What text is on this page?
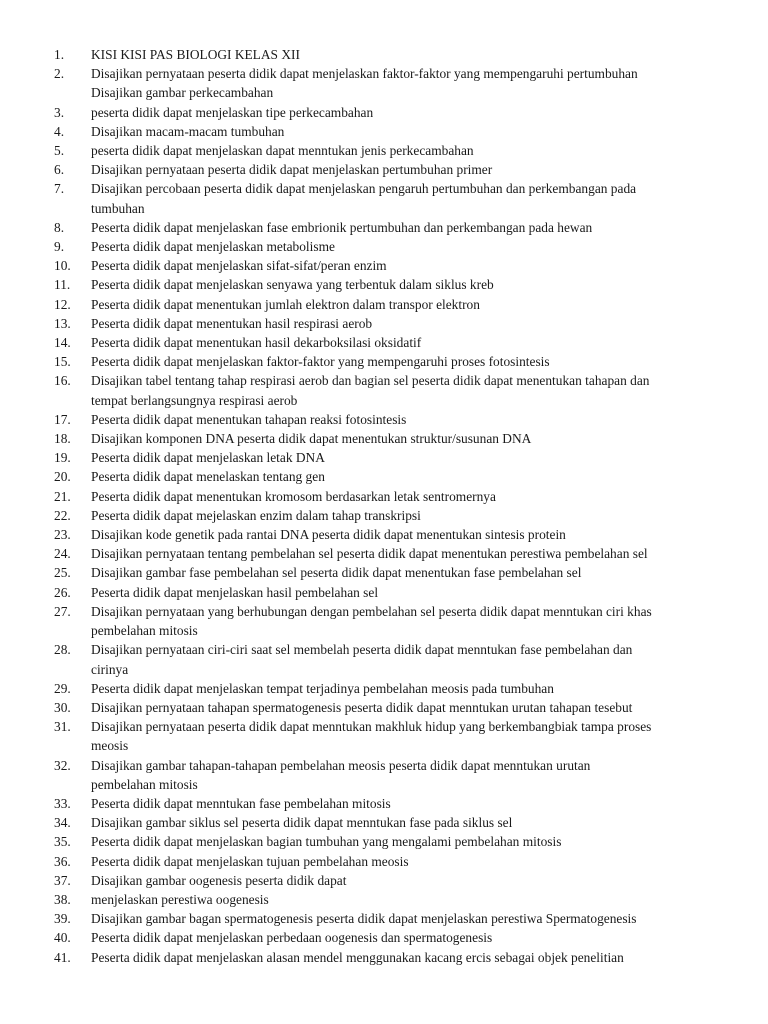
1.	KISI KISI PAS BIOLOGI KELAS XII
2.	Disajikan pernyataan peserta didik dapat menjelaskan faktor-faktor yang mempengaruhi pertumbuhan
Disajikan gambar perkecambahan
3.	peserta didik dapat menjelaskan tipe perkecambahan
4.	Disajikan macam-macam tumbuhan
5.	peserta didik dapat menjelaskan dapat menntukan jenis perkecambahan
6.	Disajikan pernyataan peserta didik dapat menjelaskan pertumbuhan primer
7.	Disajikan percobaan peserta didik dapat menjelaskan pengaruh pertumbuhan dan perkembangan pada
tumbuhan
8.	Peserta didik dapat menjelaskan fase embrionik pertumbuhan dan perkembangan pada hewan
9.	Peserta didik dapat menjelaskan metabolisme
10.	Peserta didik dapat menjelaskan sifat-sifat/peran enzim
11.	Peserta didik dapat menjelaskan senyawa yang terbentuk dalam siklus kreb
12.	Peserta didik dapat menentukan jumlah elektron dalam transpor elektron
13.	Peserta didik dapat menentukan hasil respirasi aerob
14.	Peserta didik dapat menentukan hasil dekarboksilasi oksidatif
15.	Peserta didik dapat menjelaskan faktor-faktor yang mempengaruhi proses fotosintesis
16.	Disajikan tabel tentang tahap respirasi aerob dan bagian sel peserta didik dapat menentukan tahapan dan
tempat berlangsungnya respirasi aerob
17.	Peserta didik dapat menentukan tahapan reaksi fotosintesis
18.	Disajikan komponen DNA peserta didik dapat menentukan struktur/susunan DNA
19.	Peserta didik dapat menjelaskan letak DNA
20.	Peserta didik dapat menelaskan tentang gen
21.	Peserta didik dapat menentukan kromosom berdasarkan letak sentromernya
22.	Peserta didik dapat mejelaskan enzim dalam tahap transkripsi
23.	Disajikan kode genetik pada rantai DNA peserta didik dapat menentukan sintesis protein
24.	Disajikan pernyataan tentang pembelahan sel peserta didik dapat menentukan perestiwa pembelahan sel
25.	Disajikan gambar fase pembelahan sel peserta didik dapat menentukan fase pembelahan sel
26.	Peserta didik dapat menjelaskan hasil pembelahan sel
27.	Disajikan pernyataan yang berhubungan dengan pembelahan sel peserta didik dapat menntukan ciri khas
pembelahan mitosis
28.	Disajikan pernyataan ciri-ciri saat sel membelah peserta didik dapat menntukan fase pembelahan dan
cirinya
29.	Peserta didik dapat menjelaskan tempat terjadinya pembelahan meosis pada tumbuhan
30.	Disajikan pernyataan tahapan spermatogenesis peserta didik dapat menntukan urutan tahapan tesebut
31.	Disajikan pernyataan peserta didik dapat menntukan makhluk hidup yang berkembangbiak tampa proses
meosis
32.	Disajikan gambar tahapan-tahapan pembelahan meosis peserta didik dapat menntukan urutan
pembelahan mitosis
33.	Peserta didik dapat menntukan fase pembelahan mitosis
34.	Disajikan gambar siklus sel peserta didik dapat menntukan fase pada siklus sel
35.	Peserta didik dapat menjelaskan bagian tumbuhan yang mengalami pembelahan mitosis
36.	Peserta didik dapat menjelaskan tujuan pembelahan meosis
37.	Disajikan gambar oogenesis peserta didik dapat
38.	menjelaskan perestiwa oogenesis
39.	Disajikan gambar bagan spermatogenesis peserta didik dapat menjelaskan perestiwa Spermatogenesis
40.	Peserta didik dapat menjelaskan perbedaan oogenesis dan spermatogenesis
41.	Peserta didik dapat menjelaskan alasan mendel menggunakan kacang ercis sebagai objek penelitian
